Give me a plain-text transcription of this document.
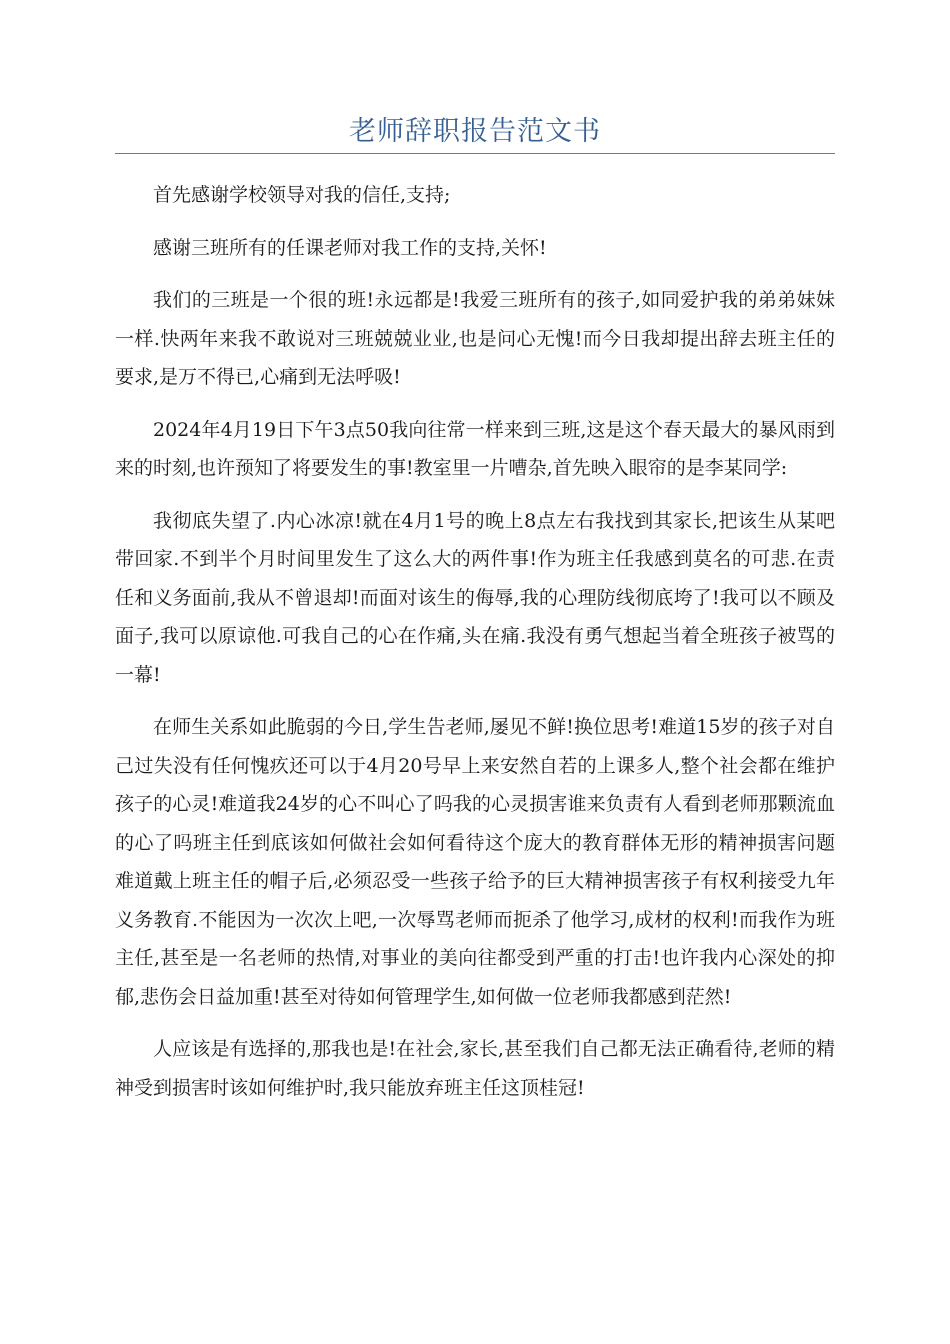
老师辞职报告范文书

首先感谢学校领导对我的信任,支持;

感谢三班所有的任课老师对我工作的支持,关怀!

我们的三班是一个很的班!永远都是!我爱三班所有的孩子,如同爱护我的弟弟妹妹一样.快两年来我不敢说对三班兢兢业业,也是问心无愧!而今日我却提出辞去班主任的要求,是万不得已,心痛到无法呼吸!

2024年4月19日下午3点50我向往常一样来到三班,这是这个春天最大的暴风雨到来的时刻,也许预知了将要发生的事!教室里一片嘈杂,首先映入眼帘的是李某同学:

我彻底失望了.内心冰凉!就在4月1号的晚上8点左右我找到其家长,把该生从某吧带回家.不到半个月时间里发生了这么大的两件事!作为班主任我感到莫名的可悲.在责任和义务面前,我从不曾退却!而面对该生的侮辱,我的心理防线彻底垮了!我可以不顾及面子,我可以原谅他.可我自己的心在作痛,头在痛.我没有勇气想起当着全班孩子被骂的一幕!

在师生关系如此脆弱的今日,学生告老师,屡见不鲜!换位思考!难道15岁的孩子对自己过失没有任何愧疚还可以于4月20号早上来安然自若的上课多人,整个社会都在维护孩子的心灵!难道我24岁的心不叫心了吗我的心灵损害谁来负责有人看到老师那颗流血的心了吗班主任到底该如何做社会如何看待这个庞大的教育群体无形的精神损害问题难道戴上班主任的帽子后,必须忍受一些孩子给予的巨大精神损害孩子有权利接受九年义务教育.不能因为一次次上吧,一次辱骂老师而扼杀了他学习,成材的权利!而我作为班主任,甚至是一名老师的热情,对事业的美向往都受到严重的打击!也许我内心深处的抑郁,悲伤会日益加重!甚至对待如何管理学生,如何做一位老师我都感到茫然!

人应该是有选择的,那我也是!在社会,家长,甚至我们自己都无法正确看待,老师的精神受到损害时该如何维护时,我只能放弃班主任这顶桂冠!
